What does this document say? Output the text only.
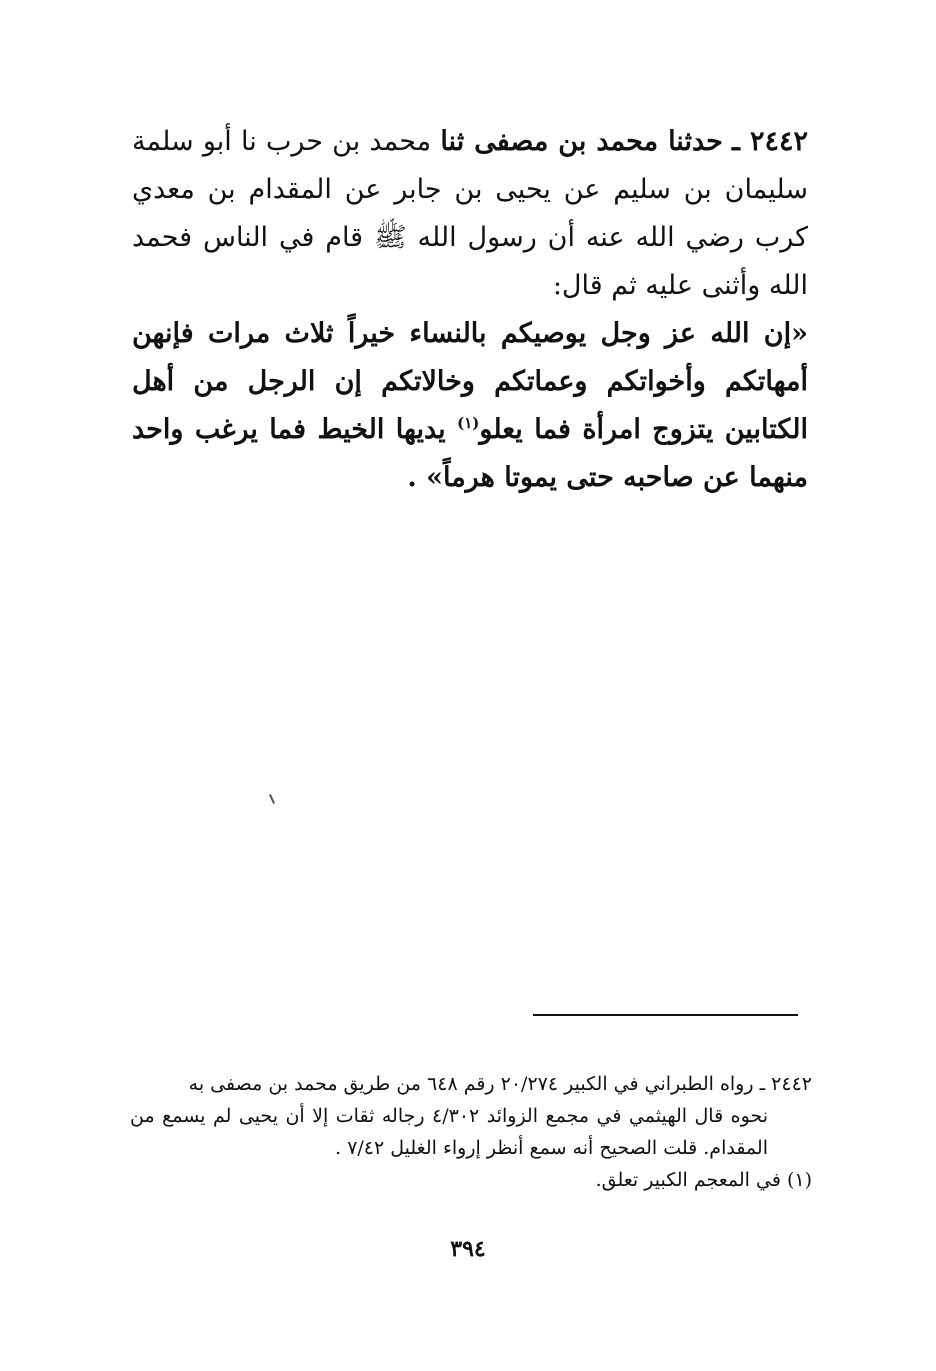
٢٤٤٢ ـ حدثنا محمد بن مصفى ثنا محمد بن حرب نا أبو سلمة سليمان بن سليم عن يحيى بن جابر عن المقدام بن معدي كرب رضي الله عنه أن رسول الله ﷺ قام في الناس فحمد الله وأثنى عليه ثم قال:

«إن الله عز وجل يوصيكم بالنساء خيراً ثلاث مرات فإنهن أمهاتكم وأخواتكم وعماتكم وخالاتكم إن الرجل من أهل الكتابين يتزوج امرأة فما يعلو$^{(١)}$ يديها الخيط فما يرغب واحد منهما عن صاحبه حتى يموتا هرماً» .

٢٤٤٢ ـ رواه الطبراني في الكبير ٢٠/٢٧٤ رقم ٦٤٨ من طريق محمد بن مصفى به
نحوه قال الهيثمي في مجمع الزوائد ٤/٣٠٢ رجاله ثقات إلا أن يحيى لم يسمع من المقدام. قلت الصحيح أنه سمع أنظر إرواء الغليل ٧/٤٢ .

(١) في المعجم الكبير تعلق.

٣٩٤
